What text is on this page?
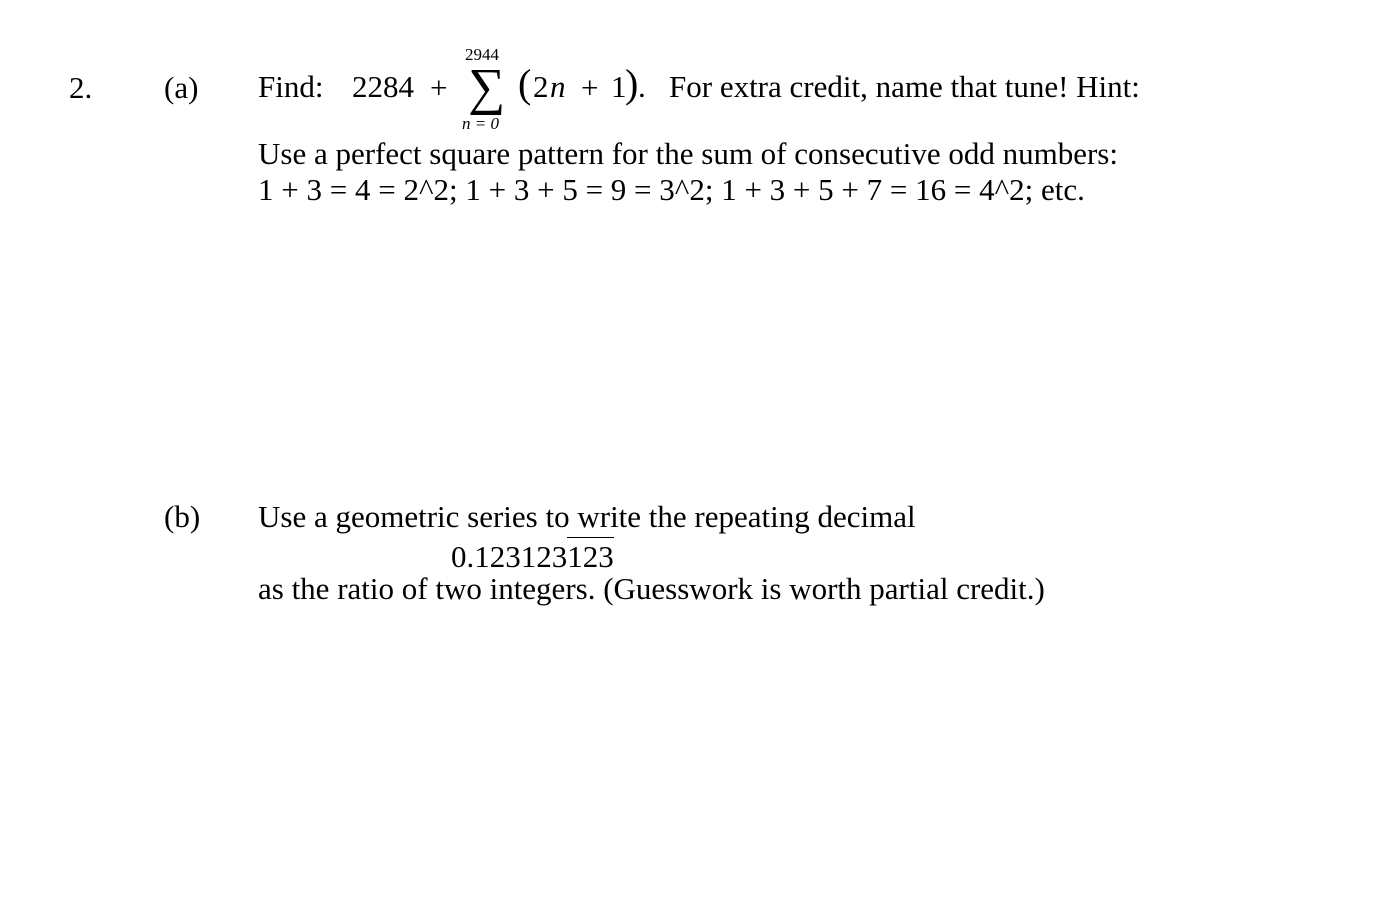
2. (a) Find: 2284 +
2944
∑
n = 0
( 2 n + 1
) . For extra credit, name that tune! Hint:
Use a perfect square pattern for the sum of consecutive odd numbers:
1 + 3 = 4 = 2^2; 1 + 3 + 5 = 9 = 3^2; 1 + 3 + 5 + 7 = 16 = 4^2; etc.
(b) Use a geometric series to write the repeating decimal
0.123123123
as the ratio of two integers. (Guesswork is worth partial credit.)
